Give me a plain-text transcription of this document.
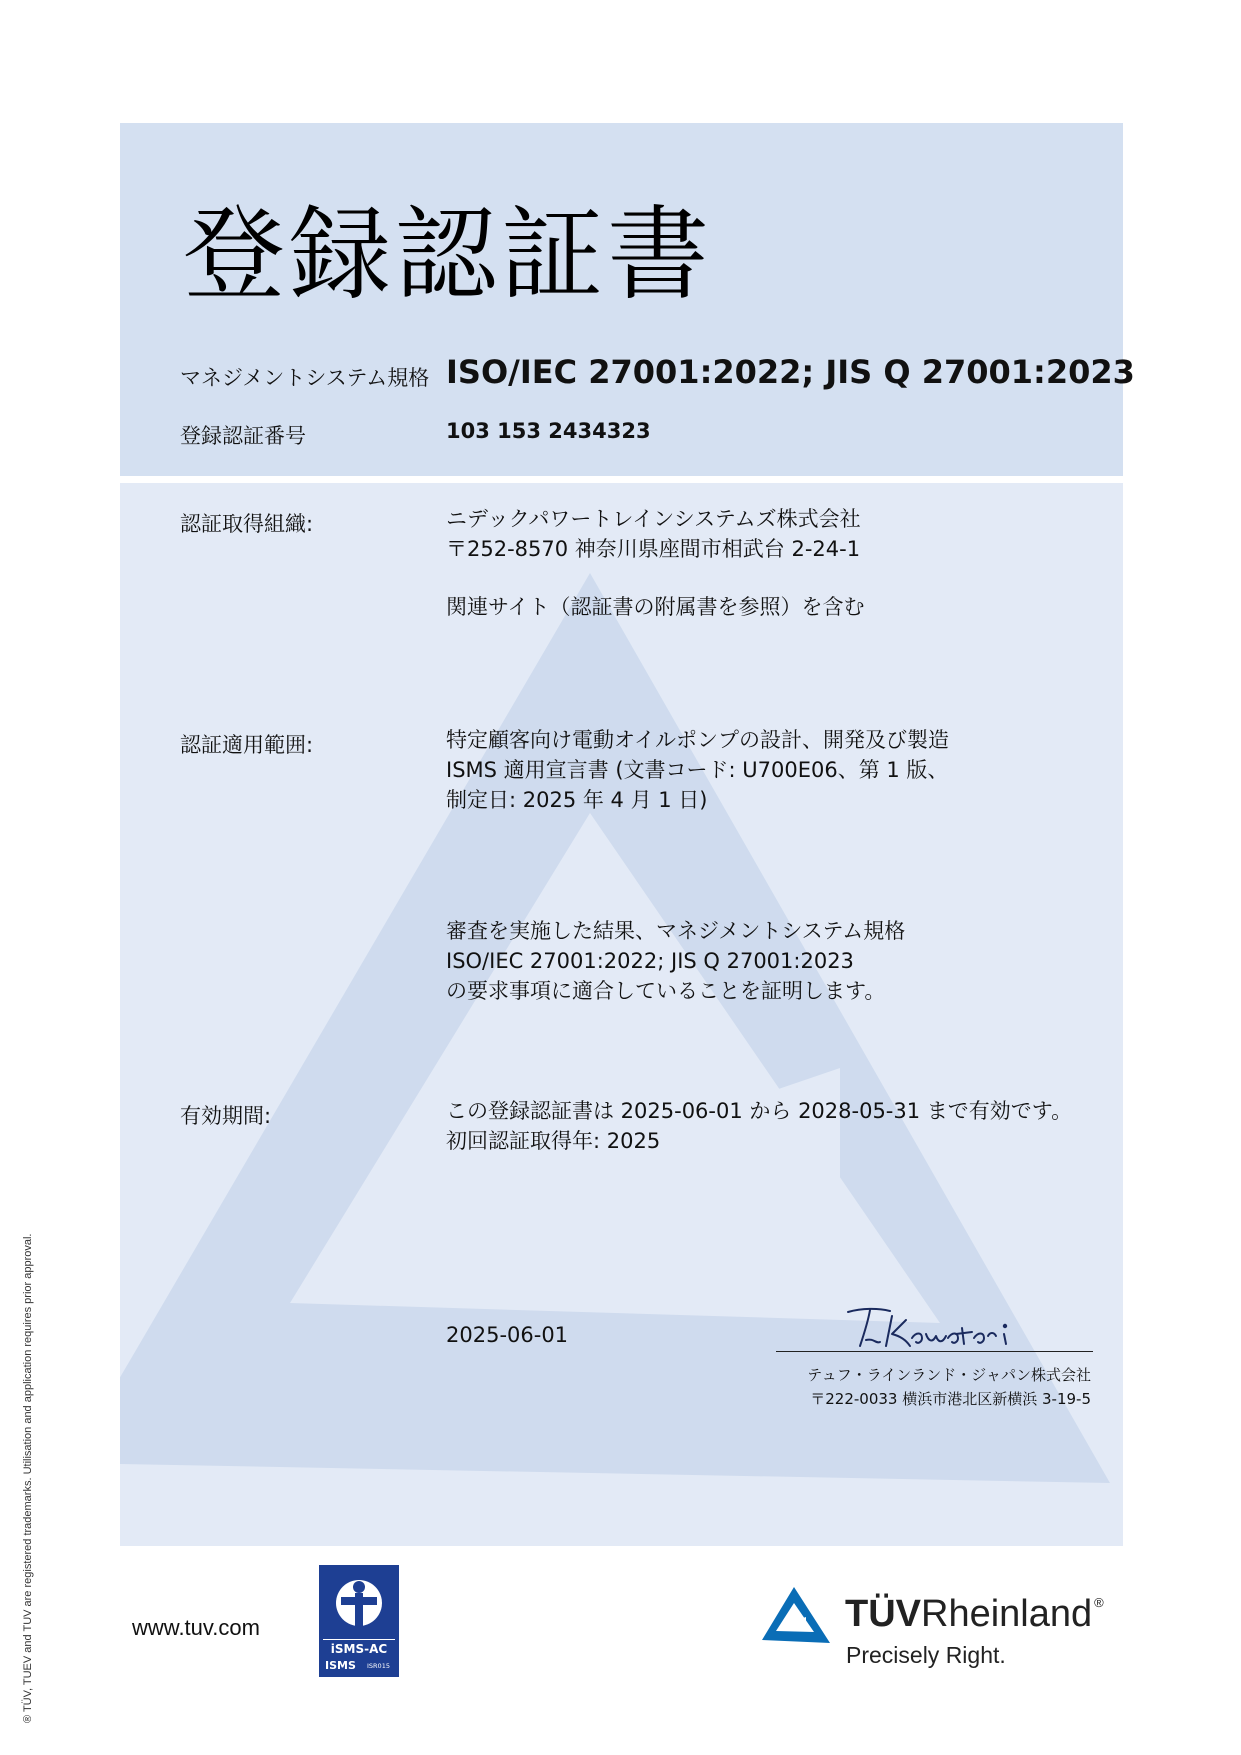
登録認証書
マネジメントシステム規格 ISO/IEC 27001:2022; JIS Q 27001:2023
登録認証番号	103 153 2434323
認証取得組織:	ニデックパワートレインシステムズ株式会社
〒252-8570 神奈川県座間市相武台 2-24-1
関連サイト（認証書の附属書を参照）を含む
認証適用範囲:	特定顧客向け電動オイルポンプの設計、開発及び製造
ISMS 適用宣言書 (文書コード: U700E06、第 1 版、
制定日: 2025 年 4 月 1 日)
審査を実施した結果、マネジメントシステム規格
ISO/IEC 27001:2022; JIS Q 27001:2023
の要求事項に適合していることを証明します。
有効期間:	この登録認証書は 2025-06-01 から 2028-05-31 まで有効です。
初回認証取得年: 2025
2025-06-01
テュフ・ラインランド・ジャパン株式会社
〒222-0033 横浜市港北区新横浜 3-19-5
www.tuv.com
iSMS-AC
ISMS ISR015
TÜVRheinland ®
Precisely Right.
® TÜV, TUEV and TUV are registered trademarks. Utilisation and application requires prior approval.
